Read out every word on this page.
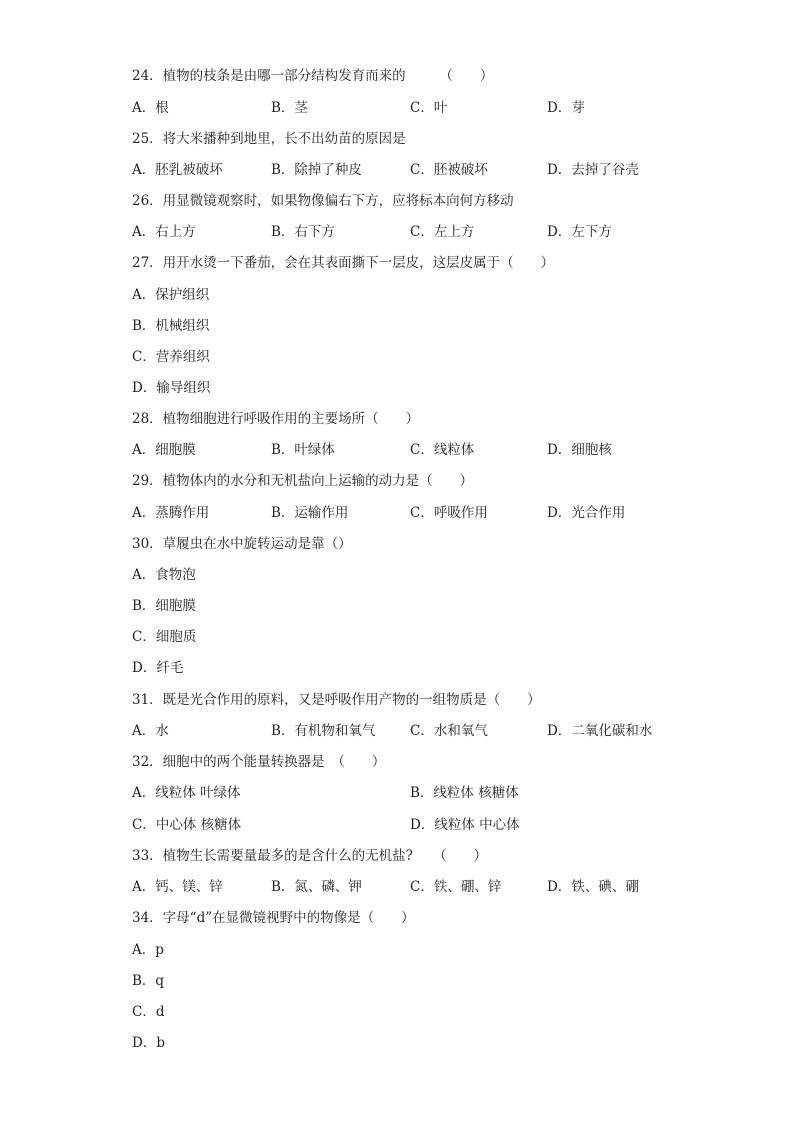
24．植物的枝条是由哪一部分结构发育而来的　　　（　　）
A．根	B．茎	C．叶	D．芽
25．将大米播种到地里，长不出幼苗的原因是
A．胚乳被破坏	B．除掉了种皮	C．胚被破坏	D．去掉了谷壳
26．用显微镜观察时，如果物像偏右下方，应将标本向何方移动
A．右上方	B．右下方	C．左上方	D．左下方
27．用开水烫一下番茄，会在其表面撕下一层皮，这层皮属于（　　）
A．保护组织
B．机械组织
C．营养组织
D．输导组织
28．植物细胞进行呼吸作用的主要场所（　　）
A．细胞膜	B．叶绿体	C．线粒体	D．细胞核
29．植物体内的水分和无机盐向上运输的动力是（　　）
A．蒸腾作用	B．运输作用	C．呼吸作用	D．光合作用
30．草履虫在水中旋转运动是靠（）
A．食物泡
B．细胞膜
C．细胞质
D．纤毛
31．既是光合作用的原料，又是呼吸作用产物的一组物质是（　　）
A．水	B．有机物和氧气	C．水和氧气	D．二氧化碳和水
32．细胞中的两个能量转换器是　（　　）
A．线粒体 叶绿体	B．线粒体 核糖体
C．中心体 核糖体	D．线粒体 中心体
33．植物生长需要量最多的是含什么的无机盐?　　（　　）
A．钙、镁、锌	B．氮、磷、钾	C．铁、硼、锌	D．铁、碘、硼
34．字母“d”在显微镜视野中的物像是（　　）
A．p
B．q
C．d
D．b
